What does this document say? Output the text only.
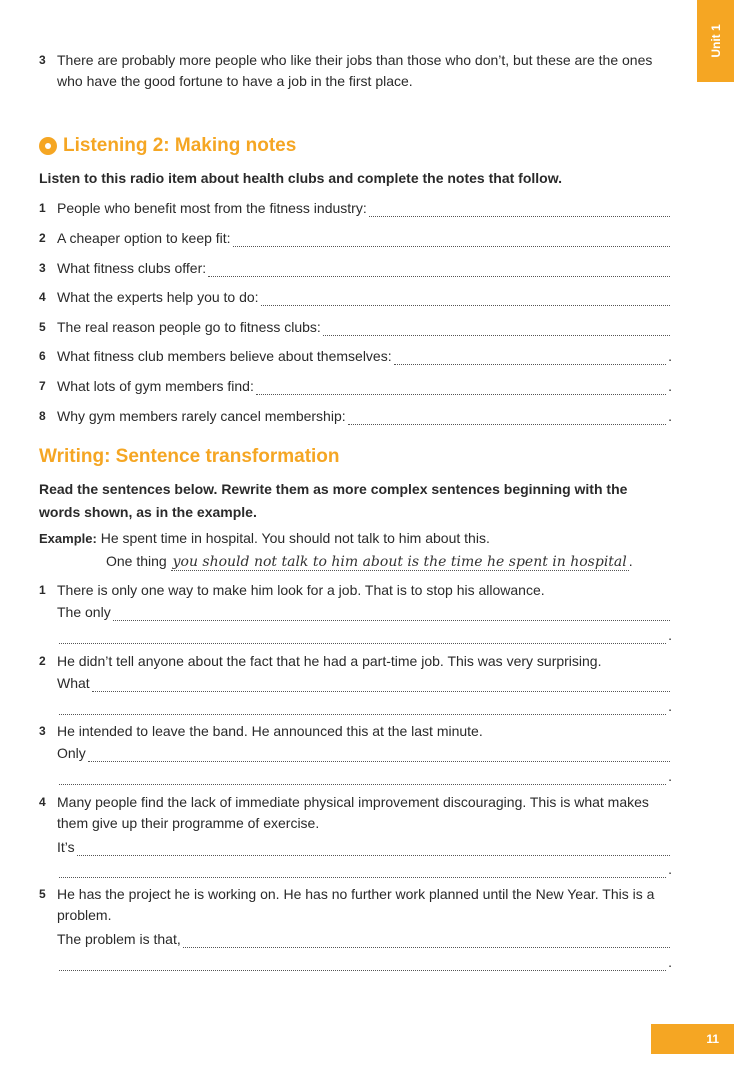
Unit 1
3 There are probably more people who like their jobs than those who don’t, but these are the ones who have the good fortune to have a job in the first place.
Listening 2: Making notes
Listen to this radio item about health clubs and complete the notes that follow.
1 People who benefit most from the fitness industry:
2 A cheaper option to keep fit:
3 What fitness clubs offer:
4 What the experts help you to do:
5 The real reason people go to fitness clubs:
6 What fitness club members believe about themselves:	.
7 What lots of gym members find:	.
8 Why gym members rarely cancel membership:	.
Writing: Sentence transformation
Read the sentences below. Rewrite them as more complex sentences beginning with the words shown, as in the example.
Example: He spent time in hospital. You should not talk to him about this.
One thing you should not talk to him about is the time he spent in hospital .
1 There is only one way to make him look for a job. That is to stop his allowance.
The only
.
2 He didn’t tell anyone about the fact that he had a part-time job. This was very surprising.
What
.
3 He intended to leave the band. He announced this at the last minute.
Only
.
4 Many people find the lack of immediate physical improvement discouraging. This is what makes them give up their programme of exercise.
It’s
.
5 He has the project he is working on. He has no further work planned until the New Year. This is a problem.
The problem is that,
.
11
